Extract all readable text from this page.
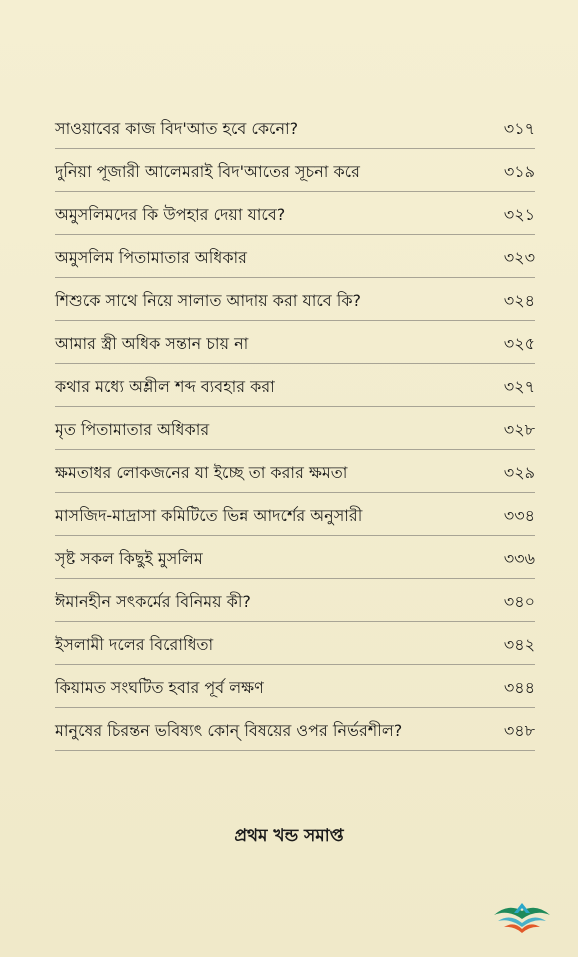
সাওয়াবের কাজ বিদ'আত হবে কেনো?	৩১৭
দুনিয়া পূজারী আলেমরাই বিদ'আতের সূচনা করে	৩১৯
অমুসলিমদের কি উপহার দেয়া যাবে?	৩২১
অমুসলিম পিতামাতার অধিকার	৩২৩
শিশুকে সাথে নিয়ে সালাত আদায় করা যাবে কি?	৩২৪
আমার স্ত্রী অধিক সন্তান চায় না	৩২৫
কথার মধ্যে অশ্লীল শব্দ ব্যবহার করা	৩২৭
মৃত পিতামাতার অধিকার	৩২৮
ক্ষমতাধর লোকজনের যা ইচ্ছে তা করার ক্ষমতা	৩২৯
মাসজিদ-মাদ্রাসা কমিটিতে ভিন্ন আদর্শের অনুসারী	৩৩৪
সৃষ্ট সকল কিছুই মুসলিম	৩৩৬
ঈমানহীন সৎকর্মের বিনিময় কী?	৩৪০
ইসলামী দলের বিরোধিতা	৩৪২
কিয়ামত সংঘটিত হবার পূর্ব লক্ষণ	৩৪৪
মানুষের চিরন্তন ভবিষ্যৎ কোন্ বিষয়ের ওপর নির্ভরশীল?	৩৪৮
প্রথম খন্ড সমাপ্ত
